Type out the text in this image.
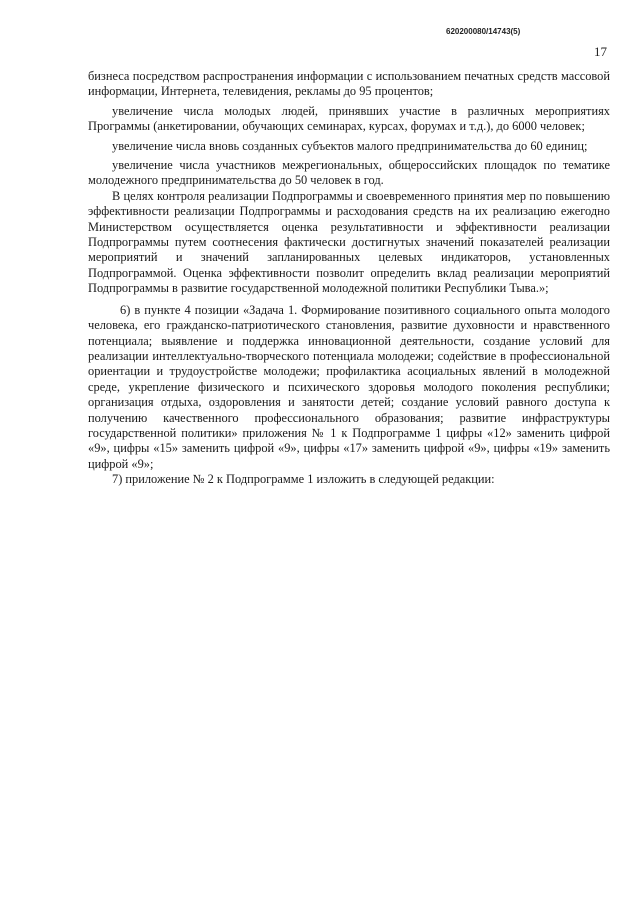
620200080/14743(5)
17

бизнеса посредством распространения информации с использованием печатных средств массовой информации, Интернета, телевидения, рекламы до 95 процентов;

увеличение числа молодых людей, принявших участие в различных мероприятиях Программы (анкетировании, обучающих семинарах, курсах, форумах и т.д.), до 6000 человек;

увеличение числа вновь созданных субъектов малого предпринимательства до 60 единиц;

увеличение числа участников межрегиональных, общероссийских площадок по тематике молодежного предпринимательства до 50 человек в год.

В целях контроля реализации Подпрограммы и своевременного принятия мер по повышению эффективности реализации Подпрограммы и расходования средств на их реализацию ежегодно Министерством осуществляется оценка результативности и эффективности реализации Подпрограммы путем соотнесения фактически достигнутых значений показателей реализации мероприятий и значений запланированных целевых индикаторов, установленных Подпрограммой. Оценка эффективности позволит определить вклад реализации мероприятий Подпрограммы в развитие государственной молодежной политики Республики Тыва.»;

6) в пункте 4 позиции «Задача 1. Формирование позитивного социального опыта молодого человека, его гражданско-патриотического становления, развитие духовности и нравственного потенциала; выявление и поддержка инновационной деятельности, создание условий для реализации интеллектуально-творческого потенциала молодежи; содействие в профессиональной ориентации и трудоустройстве молодежи; профилактика асоциальных явлений в молодежной среде, укрепление физического и психического здоровья молодого поколения республики; организация отдыха, оздоровления и занятости детей; создание условий равного доступа к получению качественного профессионального образования; развитие инфраструктуры государственной политики» приложения № 1 к Подпрограмме 1 цифры «12» заменить цифрой «9», цифры «15» заменить цифрой «9», цифры «17» заменить цифрой «9», цифры «19» заменить цифрой «9»;

7) приложение № 2 к Подпрограмме 1 изложить в следующей редакции:
